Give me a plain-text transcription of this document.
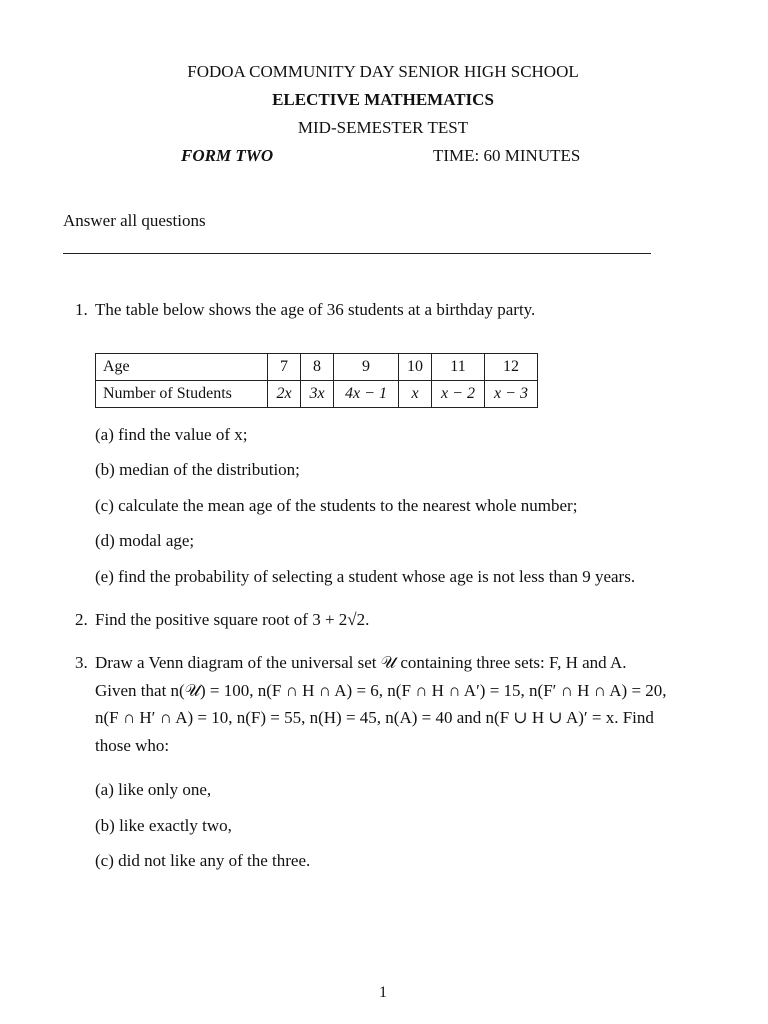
FODOA COMMUNITY DAY SENIOR HIGH SCHOOL
ELECTIVE MATHEMATICS
MID-SEMESTER TEST
FORM TWO	TIME: 60 MINUTES
Answer all questions
1. The table below shows the age of 36 students at a birthday party.
Age	7	8	9	10	11	12
Number of Students	2x	3x	4x − 1	x	x − 2	x − 3
(a) find the value of x;
(b) median of the distribution;
(c) calculate the mean age of the students to the nearest whole number;
(d) modal age;
(e) find the probability of selecting a student whose age is not less than 9 years.
2. Find the positive square root of 3 + 2√2.
3. Draw a Venn diagram of the universal set 𝒰 containing three sets: F, H and A.
Given that n(𝒰) = 100, n(F ∩ H ∩ A) = 6, n(F ∩ H ∩ A′) = 15, n(F′ ∩ H ∩ A) = 20,
n(F ∩ H′ ∩ A) = 10, n(F) = 55, n(H) = 45, n(A) = 40 and n(F ∪ H ∪ A)′ = x. Find
those who:
(a) like only one,
(b) like exactly two,
(c) did not like any of the three.
1
